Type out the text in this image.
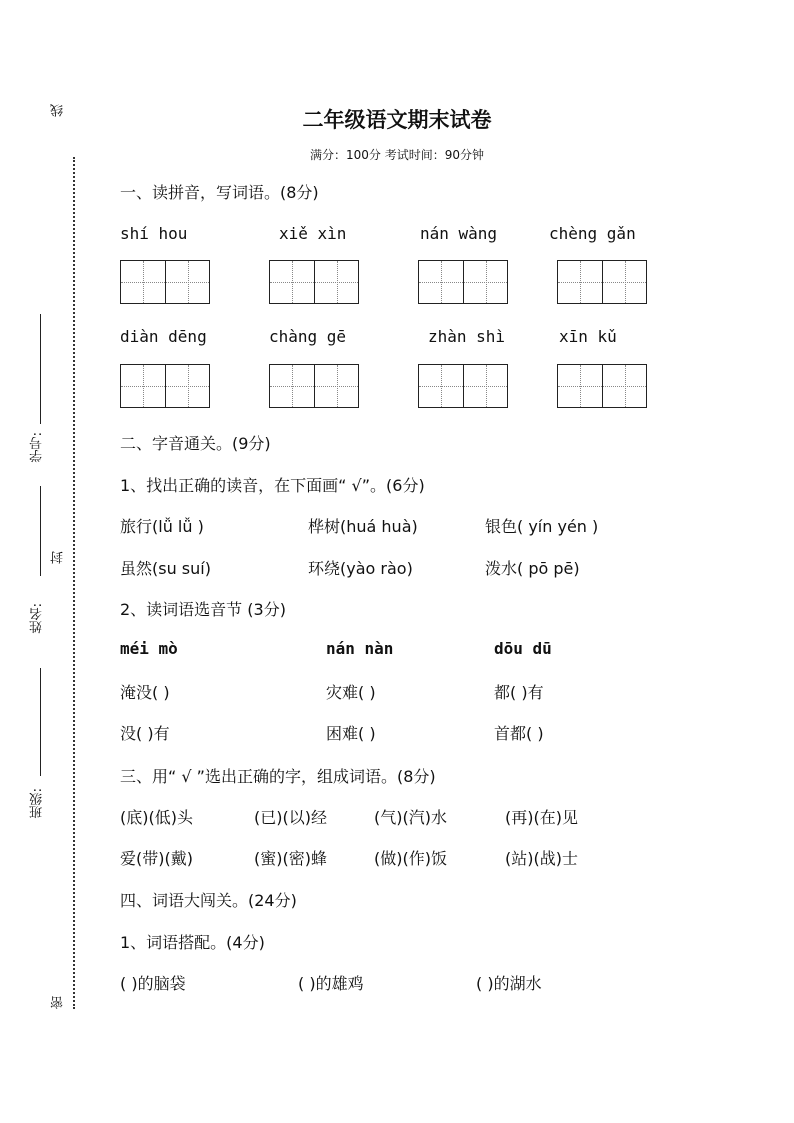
线
学号:
封
姓名:
班级:
密
二年级语文期末试卷
满分：100分 考试时间：90分钟
一、读拼音，写词语。(8分)
shí hou	xiě xìn	nán wàng	chèng gǎn
diàn dēng	chàng gē	zhàn shì	xīn kǔ
二、字音通关。(9分)
1、找出正确的读音，在下面画“ √”。(6分)
旅行(lǚ lǚ )	桦树(huá huà)	银色( yín yén )
虽然(su suí)	环绕(yào rào)	泼水( pō pē)
2、读词语选音节 (3分)
méi mò	nán nàn	dōu dū
淹没( )	灾难( )	都( )有
没( )有	困难( )	首都( )
三、用“ √ ”选出正确的字，组成词语。(8分)
(底)(低)头	(已)(以)经	(气)(汽)水	(再)(在)见
爱(带)(戴)	(蜜)(密)蜂	(做)(作)饭	(站)(战)士
四、词语大闯关。(24分)
1、词语搭配。(4分)
( )的脑袋	( )的雄鸡	( )的湖水
